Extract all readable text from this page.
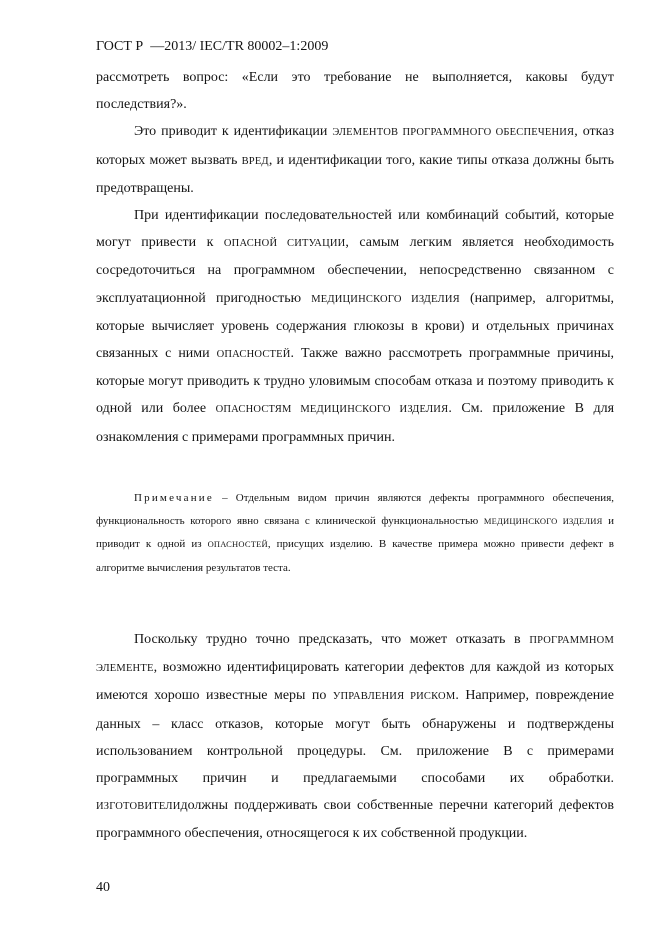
ГОСТ Р  —2013/ IEC/TR 80002–1:2009

рассмотреть вопрос: «Если это требование не выполняется, каковы будут последствия?».

Это приводит к идентификации ЭЛЕМЕНТОВ ПРОГРАММНОГО ОБЕСПЕЧЕНИЯ, отказ которых может вызвать ВРЕД, и идентификации того, какие типы отказа должны быть предотвращены.

При идентификации последовательностей или комбинаций событий, которые могут привести к ОПАСНОЙ СИТУАЦИИ, самым легким является необходимость сосредоточиться на программном обеспечении, непосредственно связанном с эксплуатационной пригодностью МЕДИЦИНСКОГО ИЗДЕЛИЯ (например, алгоритмы, которые вычисляет уровень содержания глюкозы в крови) и отдельных причинах связанных с ними ОПАСНОСТЕЙ. Также важно рассмотреть программные причины, которые могут приводить к трудно уловимым способам отказа и поэтому приводить к одной или более ОПАСНОСТЯМ МЕДИЦИНСКОГО ИЗДЕЛИЯ. См. приложение В для ознакомления с примерами программных причин.

Примечание – Отдельным видом причин являются дефекты программного обеспечения, функциональность которого явно связана с клинической функциональностью МЕДИЦИНСКОГО ИЗДЕЛИЯ и приводит к одной из ОПАСНОСТЕЙ, присущих изделию. В качестве примера можно привести дефект в алгоритме вычисления результатов теста.

Поскольку трудно точно предсказать, что может отказать в ПРОГРАММНОМ ЭЛЕМЕНТЕ, возможно идентифицировать категории дефектов для каждой из которых имеются хорошо известные меры по УПРАВЛЕНИЯ РИСКОМ. Например, повреждение данных – класс отказов, которые могут быть обнаружены и подтверждены использованием контрольной процедуры. См. приложение В с примерами программных причин и предлагаемыми способами их обработки. ИЗГОТОВИТЕЛИдолжны поддерживать свои собственные перечни категорий дефектов программного обеспечения, относящегося к их собственной продукции.

40
